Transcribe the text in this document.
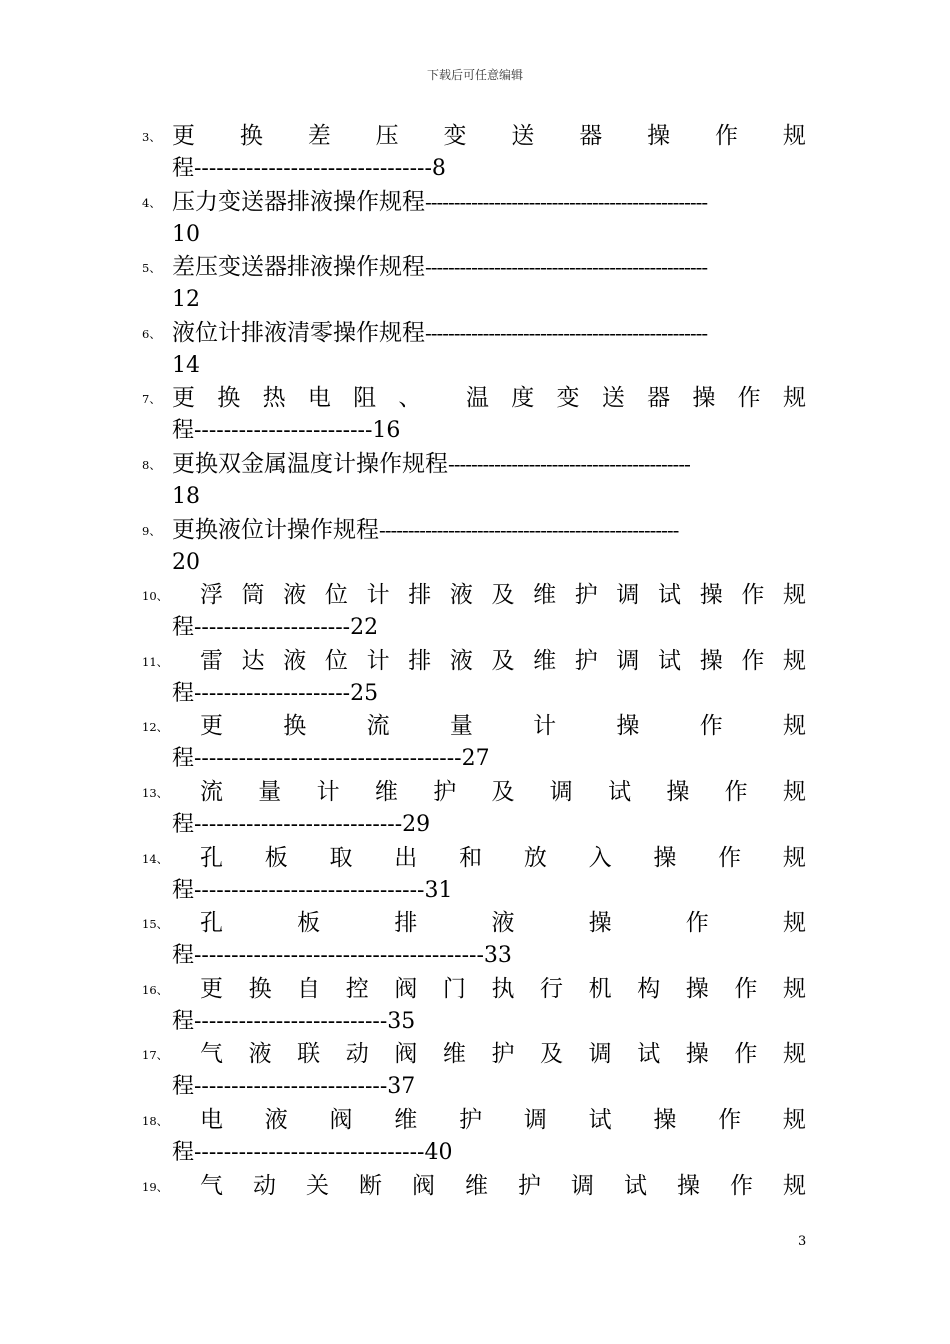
下载后可任意编辑
3、 更 换 差 压 变 送 器 操 作 规
程--------------------------------8
4、 压力变送器排液操作规程 -------------------------------------------------
10
5、 差压变送器排液操作规程 -------------------------------------------------
12
6、 液位计排液清零操作规程 -------------------------------------------------
14
7、 更 换 热 电 阻 、 温 度 变 送 器 操 作 规
程------------------------16
8、 更换双金属温度计操作规程 ------------------------------------------
18
9、 更换液位计操作规程 ----------------------------------------------------
20
10、 浮 筒 液 位 计 排 液 及 维 护 调 试 操 作 规
程---------------------22
11、 雷 达 液 位 计 排 液 及 维 护 调 试 操 作 规
程---------------------25
12、 更	换	流	量	计	操	作	规
程------------------------------------27
13、 流 量 计 维 护 及 调 试 操 作 规
程----------------------------29
14、 孔 板 取 出 和 放 入 操 作 规
程-------------------------------31
15、 孔	板	排	液	操	作	规
程---------------------------------------33
16、 更 换 自 控 阀 门 执 行 机 构 操 作 规
程--------------------------35
17、 气 液 联 动 阀 维 护 及 调 试 操 作 规
程--------------------------37
18、 电 液 阀 维 护 调 试 操 作 规
程-------------------------------40
19、 气 动 关 断 阀 维 护 调 试 操 作 规
3
